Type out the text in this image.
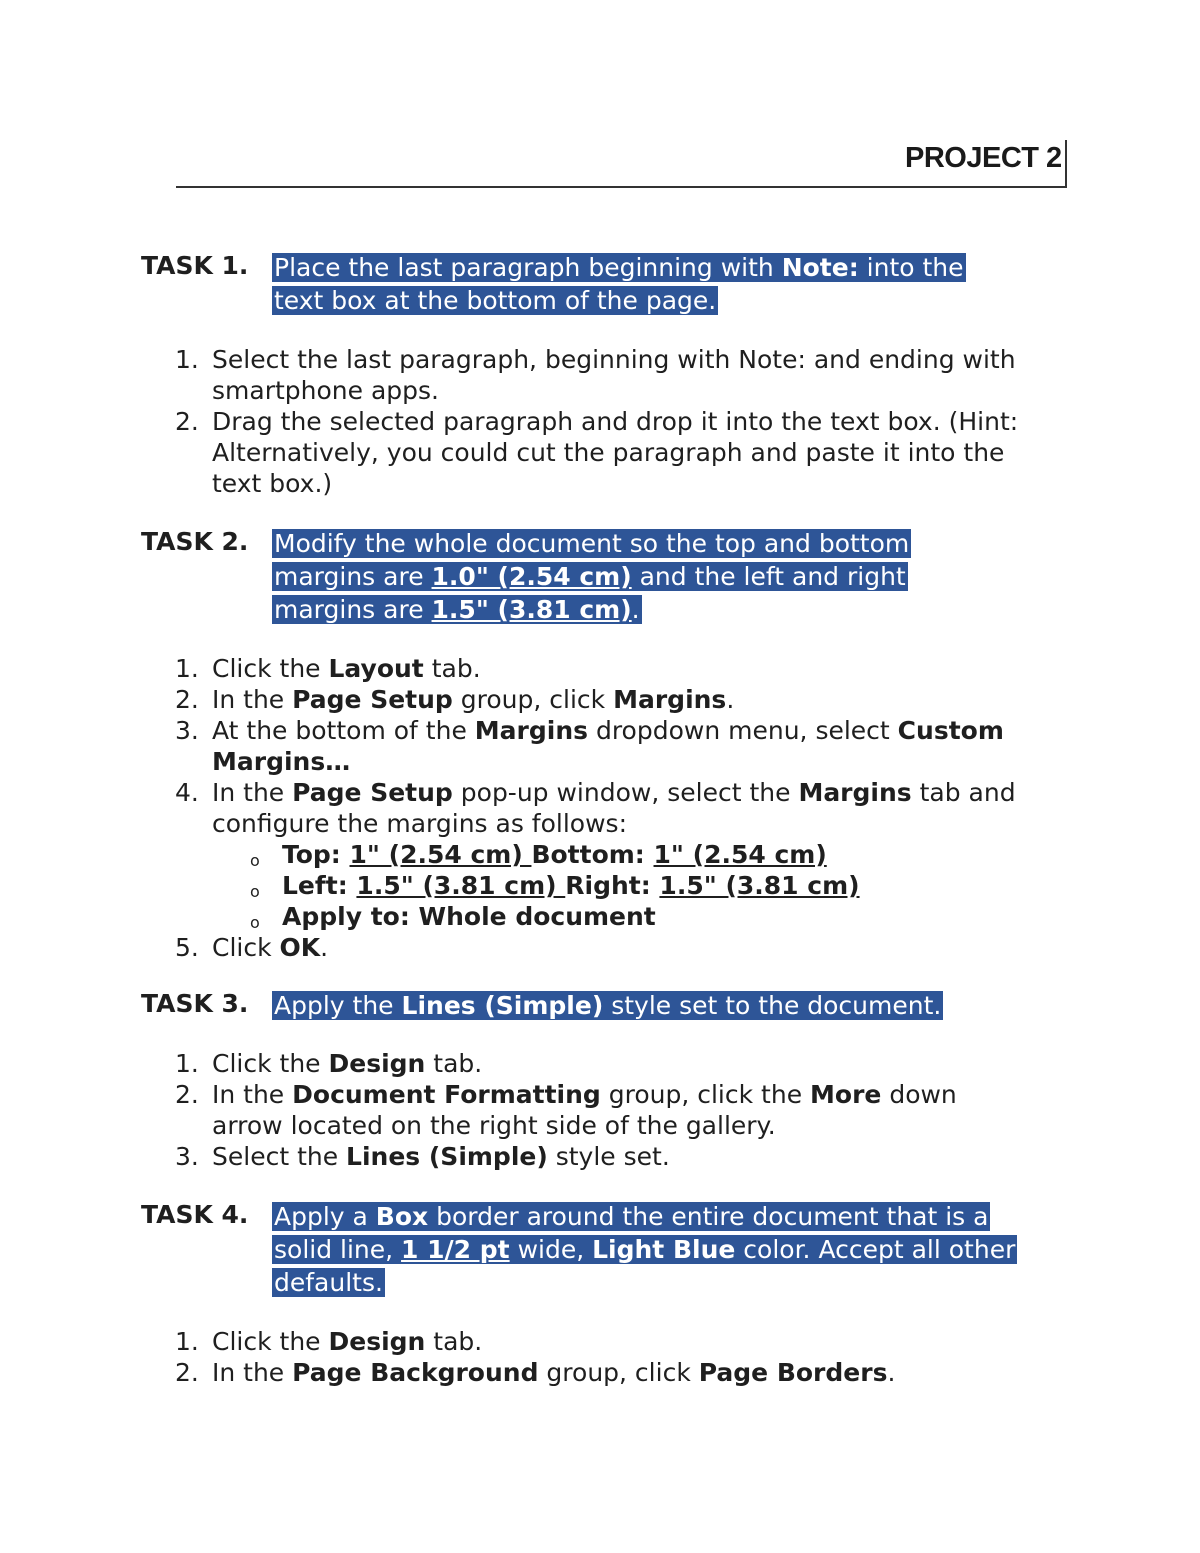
PROJECT 2
TASK 1. Place the last paragraph beginning with Note: into the text box at the bottom of the page.
1. Select the last paragraph, beginning with Note: and ending with smartphone apps.
2. Drag the selected paragraph and drop it into the text box. (Hint: Alternatively, you could cut the paragraph and paste it into the text box.)
TASK 2. Modify the whole document so the top and bottom margins are 1.0" (2.54 cm) and the left and right margins are 1.5" (3.81 cm).
1. Click the Layout tab.
2. In the Page Setup group, click Margins.
3. At the bottom of the Margins dropdown menu, select Custom Margins…
4. In the Page Setup pop-up window, select the Margins tab and configure the margins as follows:
o Top: 1" (2.54 cm) Bottom: 1" (2.54 cm)
o Left: 1.5" (3.81 cm) Right: 1.5" (3.81 cm)
o Apply to: Whole document
5. Click OK.
TASK 3. Apply the Lines (Simple) style set to the document.
1. Click the Design tab.
2. In the Document Formatting group, click the More down arrow located on the right side of the gallery.
3. Select the Lines (Simple) style set.
TASK 4. Apply a Box border around the entire document that is a solid line, 1 1/2 pt wide, Light Blue color. Accept all other defaults.
1. Click the Design tab.
2. In the Page Background group, click Page Borders.
